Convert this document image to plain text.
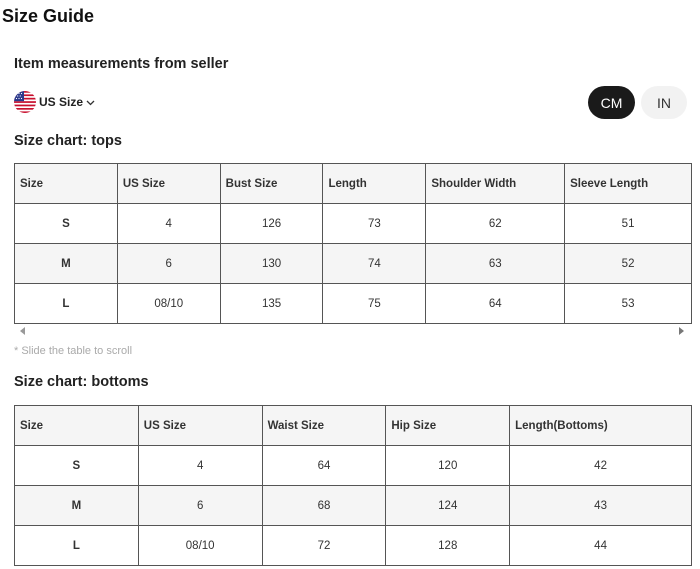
Size Guide
Item measurements from seller
US Size	CM	IN
Size chart: tops
Size	US Size	Bust Size	Length	Shoulder Width	Sleeve Length
S	4	126	73	62	51
M	6	130	74	63	52
L	08/10	135	75	64	53
* Slide the table to scroll
Size chart: bottoms
Size	US Size	Waist Size	Hip Size	Length(Bottoms)
S	4	64	120	42
M	6	68	124	43
L	08/10	72	128	44
